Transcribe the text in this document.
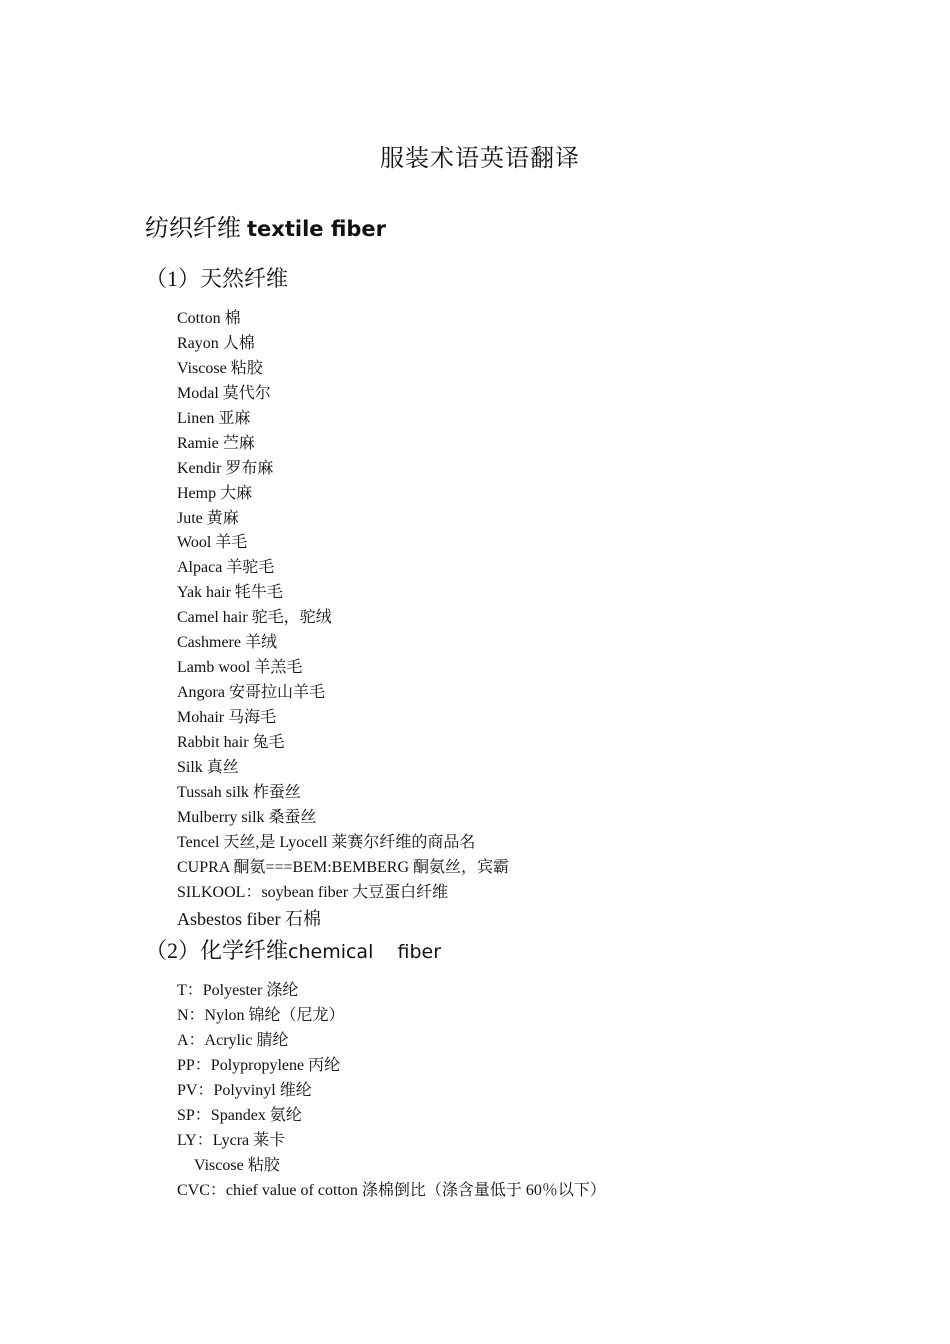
服装术语英语翻译
纺织纤维 textile fiber
（1）天然纤维
Cotton 棉
Rayon 人棉
Viscose 粘胶
Modal 莫代尔
Linen 亚麻
Ramie 苎麻
Kendir 罗布麻
Hemp 大麻
Jute 黄麻
Wool 羊毛
Alpaca 羊驼毛
Yak hair 牦牛毛
Camel hair 驼毛，驼绒
Cashmere 羊绒
Lamb wool 羊羔毛
Angora 安哥拉山羊毛
Mohair 马海毛
Rabbit hair 兔毛
Silk 真丝
Tussah silk 柞蚕丝
Mulberry silk 桑蚕丝
Tencel 天丝,是 Lyocell 莱赛尔纤维的商品名
CUPRA 酮氨===BEM:BEMBERG 酮氨丝，宾霸
SILKOOL：soybean fiber 大豆蛋白纤维
Asbestos fiber 石棉
（2）化学纤维chemical    fiber
T：Polyester 涤纶
N：Nylon 锦纶（尼龙）
A：Acrylic 腈纶
PP：Polypropylene 丙纶
PV：Polyvinyl 维纶
SP：Spandex 氨纶
LY：Lycra 莱卡
Viscose 粘胶
CVC：chief value of cotton 涤棉倒比（涤含量低于 60％以下）
